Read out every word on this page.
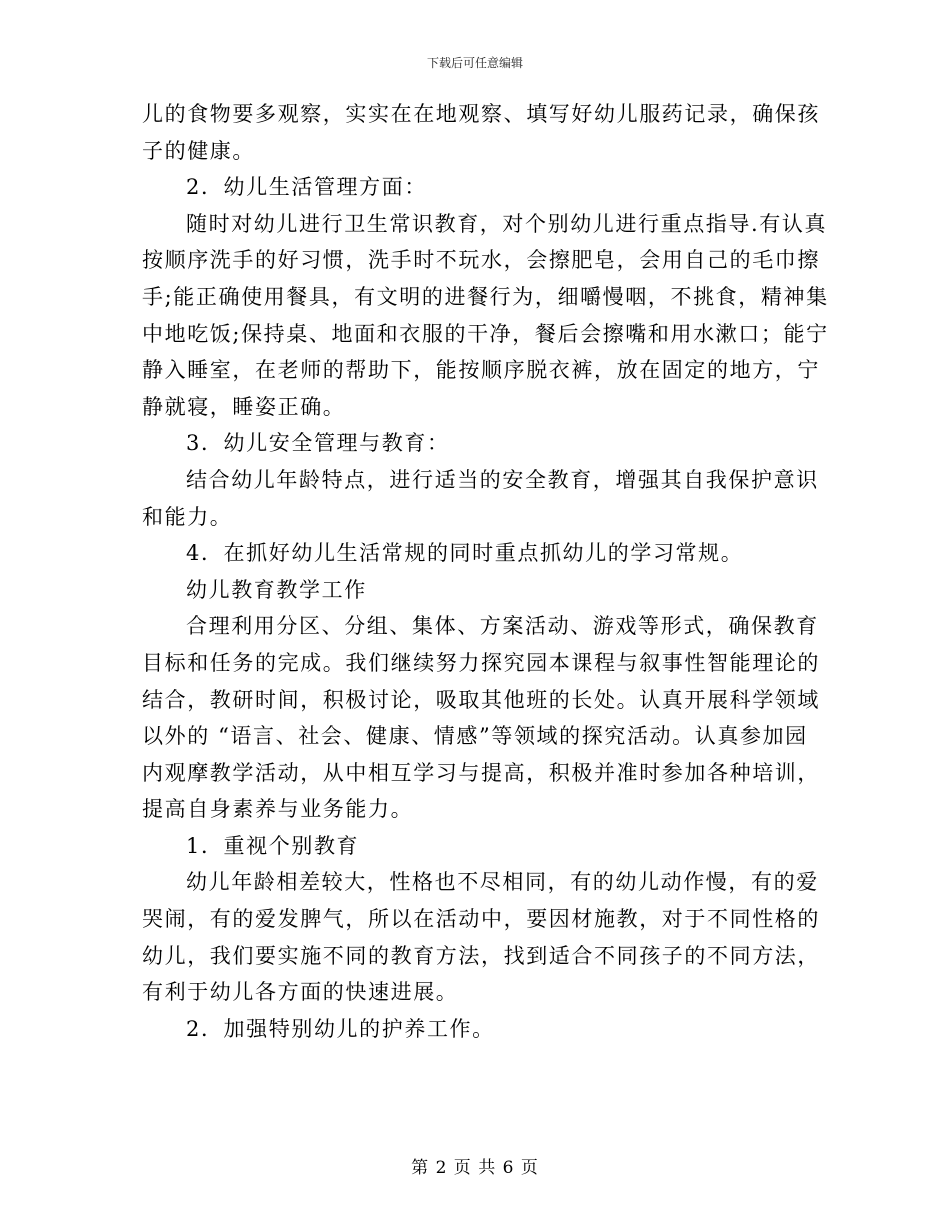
下载后可任意编辑
儿的食物要多观察，实实在在地观察、填写好幼儿服药记录，确保孩
子的健康。
2．幼儿生活管理方面：
随时对幼儿进行卫生常识教育，对个别幼儿进行重点指导.有认真
按顺序洗手的好习惯，洗手时不玩水，会擦肥皂，会用自己的毛巾擦
手;能正确使用餐具，有文明的进餐行为，细嚼慢咽，不挑食，精神集
中地吃饭;保持桌、地面和衣服的干净，餐后会擦嘴和用水漱口；能宁
静入睡室，在老师的帮助下，能按顺序脱衣裤，放在固定的地方，宁
静就寝，睡姿正确。
3．幼儿安全管理与教育：
结合幼儿年龄特点，进行适当的安全教育，增强其自我保护意识
和能力。
4．在抓好幼儿生活常规的同时重点抓幼儿的学习常规。
幼儿教育教学工作
合理利用分区、分组、集体、方案活动、游戏等形式，确保教育
目标和任务的完成。我们继续努力探究园本课程与叙事性智能理论的
结合，教研时间，积极讨论，吸取其他班的长处。认真开展科学领域
以外的 “语言、社会、健康、情感”等领域的探究活动。认真参加园
内观摩教学活动，从中相互学习与提高，积极并准时参加各种培训，
提高自身素养与业务能力。
1．重视个别教育
幼儿年龄相差较大，性格也不尽相同，有的幼儿动作慢，有的爱
哭闹，有的爱发脾气，所以在活动中，要因材施教，对于不同性格的
幼儿，我们要实施不同的教育方法，找到适合不同孩子的不同方法，
有利于幼儿各方面的快速进展。
2．加强特别幼儿的护养工作。
第 2 页 共 6 页
